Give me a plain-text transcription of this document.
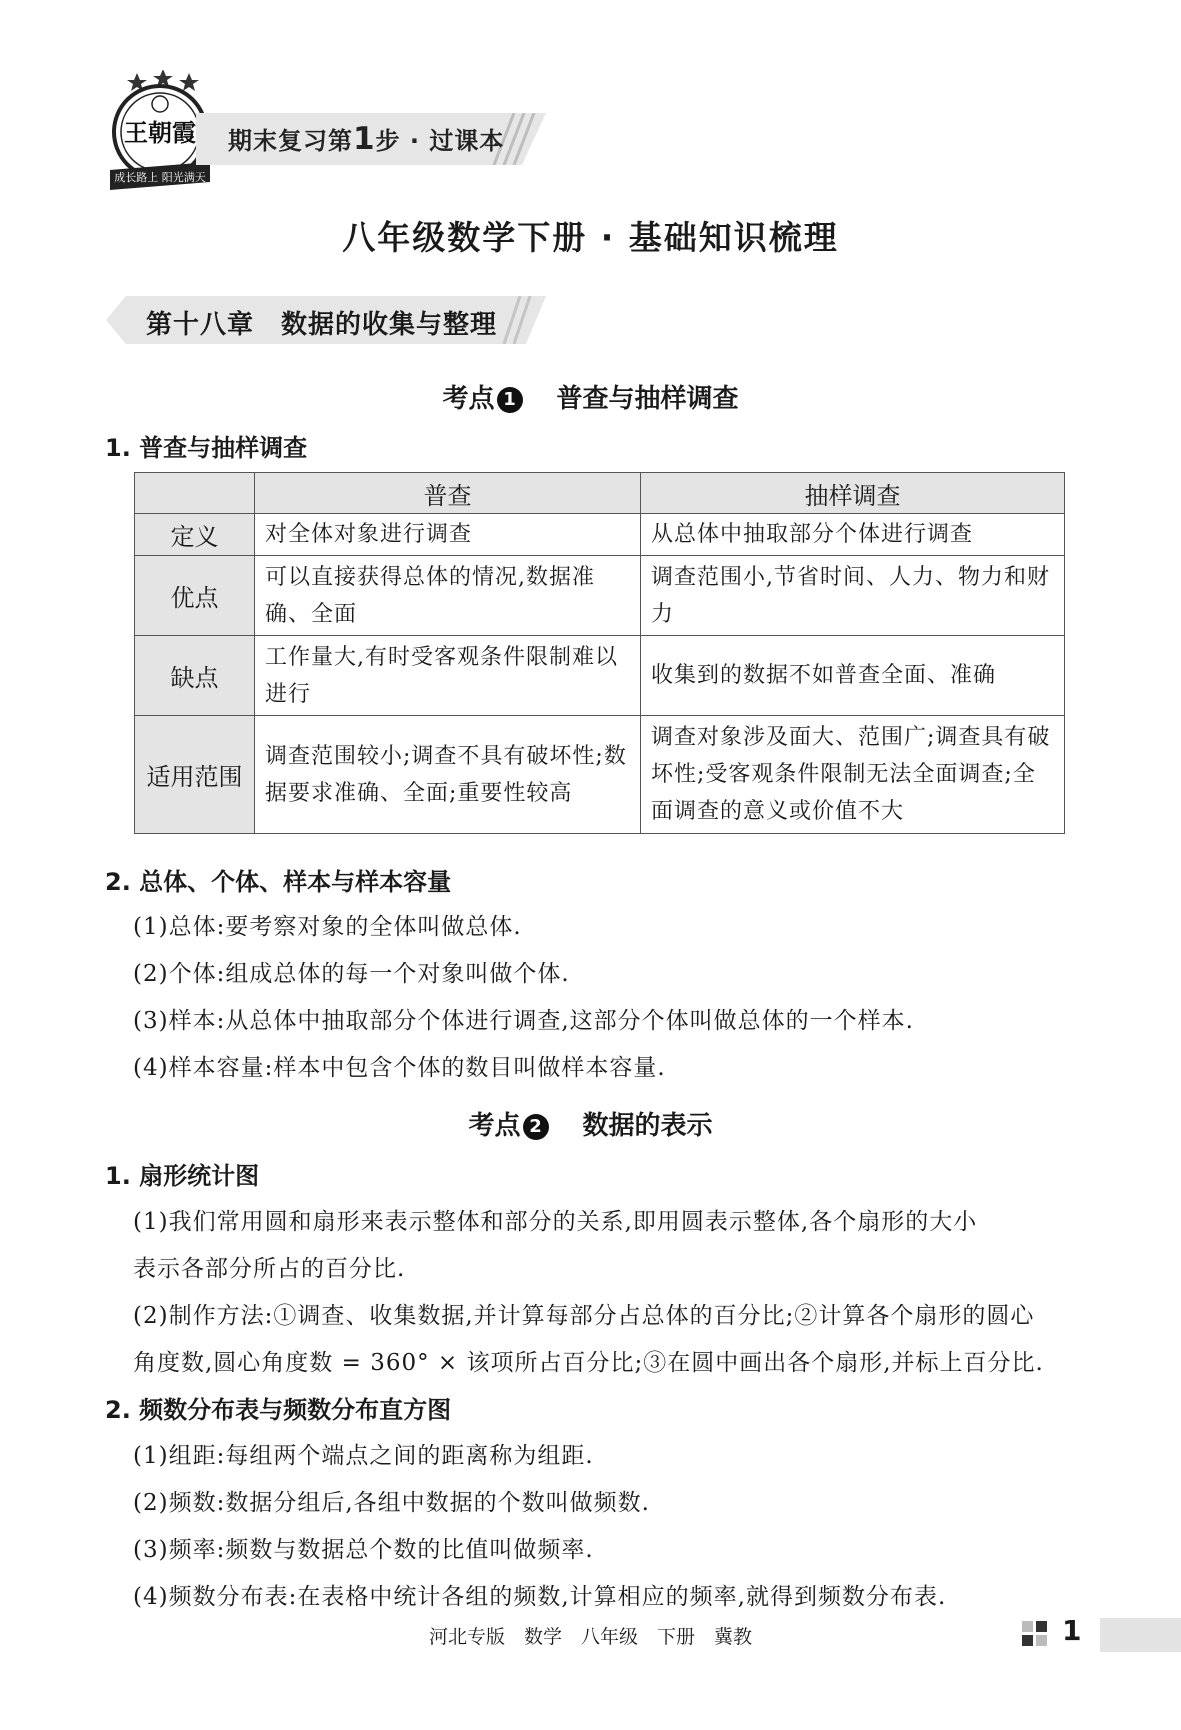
王朝霞
成长路上 阳光满天
期末复习第1步 · 过课本
八年级数学下册 · 基础知识梳理
第十八章　数据的收集与整理
考点 1 普查与抽样调查
1. 普查与抽样调查
	普查	抽样调查
定义	对全体对象进行调查	从总体中抽取部分个体进行调查
优点	可以直接获得总体的情况,数据准确、全面	调查范围小,节省时间、人力、物力和财力
缺点	工作量大,有时受客观条件限制难以进行	收集到的数据不如普查全面、准确
适用范围	调查范围较小;调查不具有破坏性;数据要求准确、全面;重要性较高	调查对象涉及面大、范围广;调查具有破坏性;受客观条件限制无法全面调查;全面调查的意义或价值不大
2. 总体、个体、样本与样本容量
(1)总体:要考察对象的全体叫做总体.
(2)个体:组成总体的每一个对象叫做个体.
(3)样本:从总体中抽取部分个体进行调查,这部分个体叫做总体的一个样本.
(4)样本容量:样本中包含个体的数目叫做样本容量.
考点 2 数据的表示
1. 扇形统计图
(1)我们常用圆和扇形来表示整体和部分的关系,即用圆表示整体,各个扇形的大小
表示各部分所占的百分比.
(2)制作方法:①调查、收集数据,并计算每部分占总体的百分比;②计算各个扇形的圆心
角度数,圆心角度数 = 360° × 该项所占百分比;③在圆中画出各个扇形,并标上百分比.
2. 频数分布表与频数分布直方图
(1)组距:每组两个端点之间的距离称为组距.
(2)频数:数据分组后,各组中数据的个数叫做频数.
(3)频率:频数与数据总个数的比值叫做频率.
(4)频数分布表:在表格中统计各组的频数,计算相应的频率,就得到频数分布表.
河北专版　数学　八年级　下册　冀教	1
